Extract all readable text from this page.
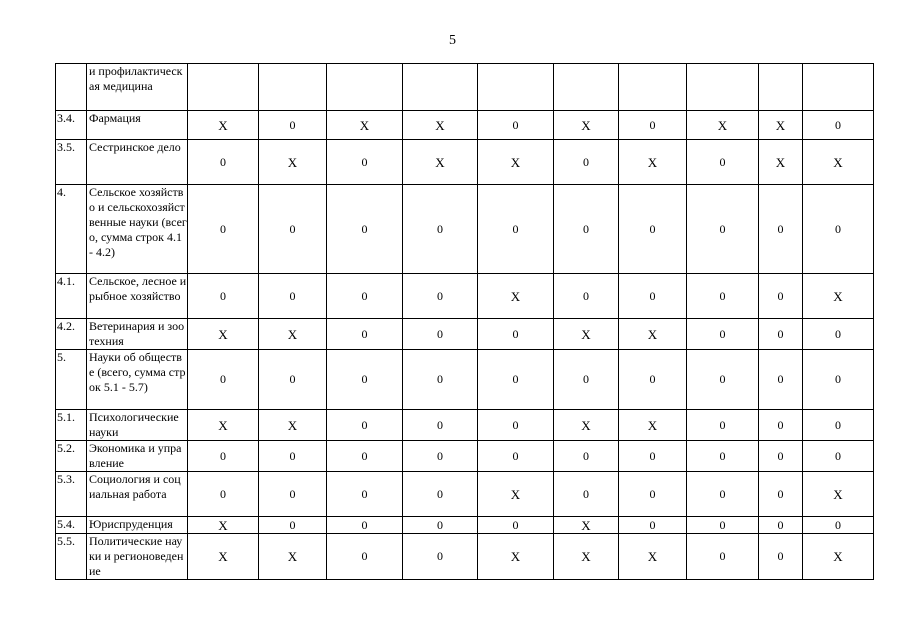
5
	и профилактическая медицина										
3.4.	Фармация	X	0	X	X	0	X	0	X	X	0
3.5.	Сестринское дело	0	X	0	X	X	0	X	0	X	X
4.	Сельское хозяйство и сельскохозяйственные науки (всего, сумма строк 4.1 - 4.2)	0	0	0	0	0	0	0	0	0	0
4.1.	Сельское, лесное и рыбное хозяйство	0	0	0	0	X	0	0	0	0	X
4.2.	Ветеринария и зоотехния	X	X	0	0	0	X	X	0	0	0
5.	Науки об обществе (всего, сумма строк 5.1 - 5.7)	0	0	0	0	0	0	0	0	0	0
5.1.	Психологические науки	X	X	0	0	0	X	X	0	0	0
5.2.	Экономика и управление	0	0	0	0	0	0	0	0	0	0
5.3.	Социология и социальная работа	0	0	0	0	X	0	0	0	0	X
5.4.	Юриспруденция	X	0	0	0	0	X	0	0	0	0
5.5.	Политические науки и регионоведение	X	X	0	0	X	X	X	0	0	X
